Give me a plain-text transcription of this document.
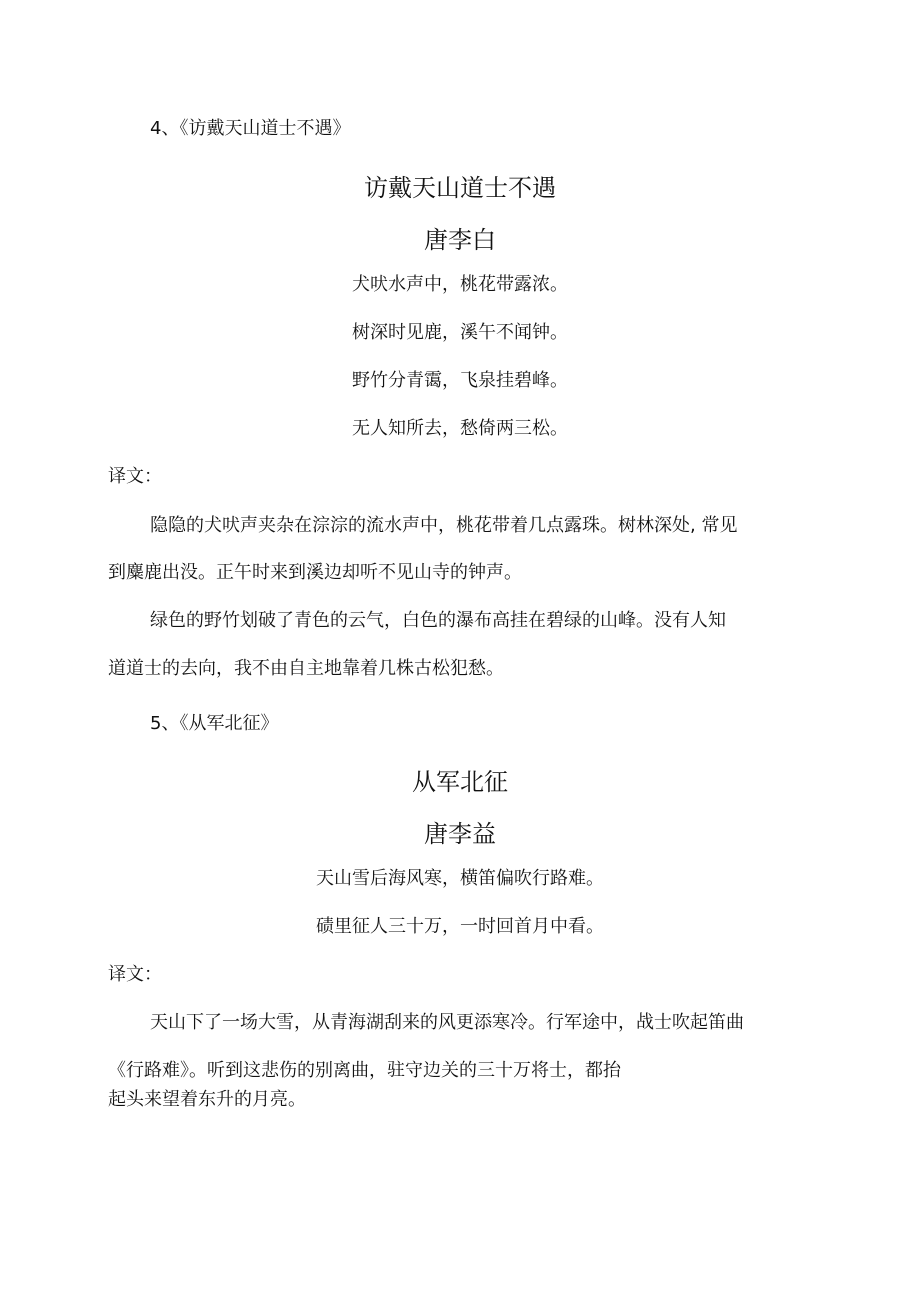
4、《访戴天山道士不遇》
访戴天山道士不遇
唐李白
犬吠水声中，桃花带露浓。
树深时见鹿，溪午不闻钟。
野竹分青霭，飞泉挂碧峰。
无人知所去，愁倚两三松。
译文：
隐隐的犬吠声夹杂在淙淙的流水声中，桃花带着几点露珠。树林深处, 常见
到麋鹿出没。正午时来到溪边却听不见山寺的钟声。
绿色的野竹划破了青色的云气，白色的瀑布高挂在碧绿的山峰。没有人知
道道士的去向，我不由自主地靠着几株古松犯愁。
5、《从军北征》
从军北征
唐李益
天山雪后海风寒，横笛偏吹行路难。
碛里征人三十万，一时回首月中看。
译文：
天山下了一场大雪，从青海湖刮来的风更添寒冷。行军途中，战士吹起笛曲
《行路难》。听到这悲伤的别离曲，驻守边关的三十万将士，都抬
起头来望着东升的月亮。
